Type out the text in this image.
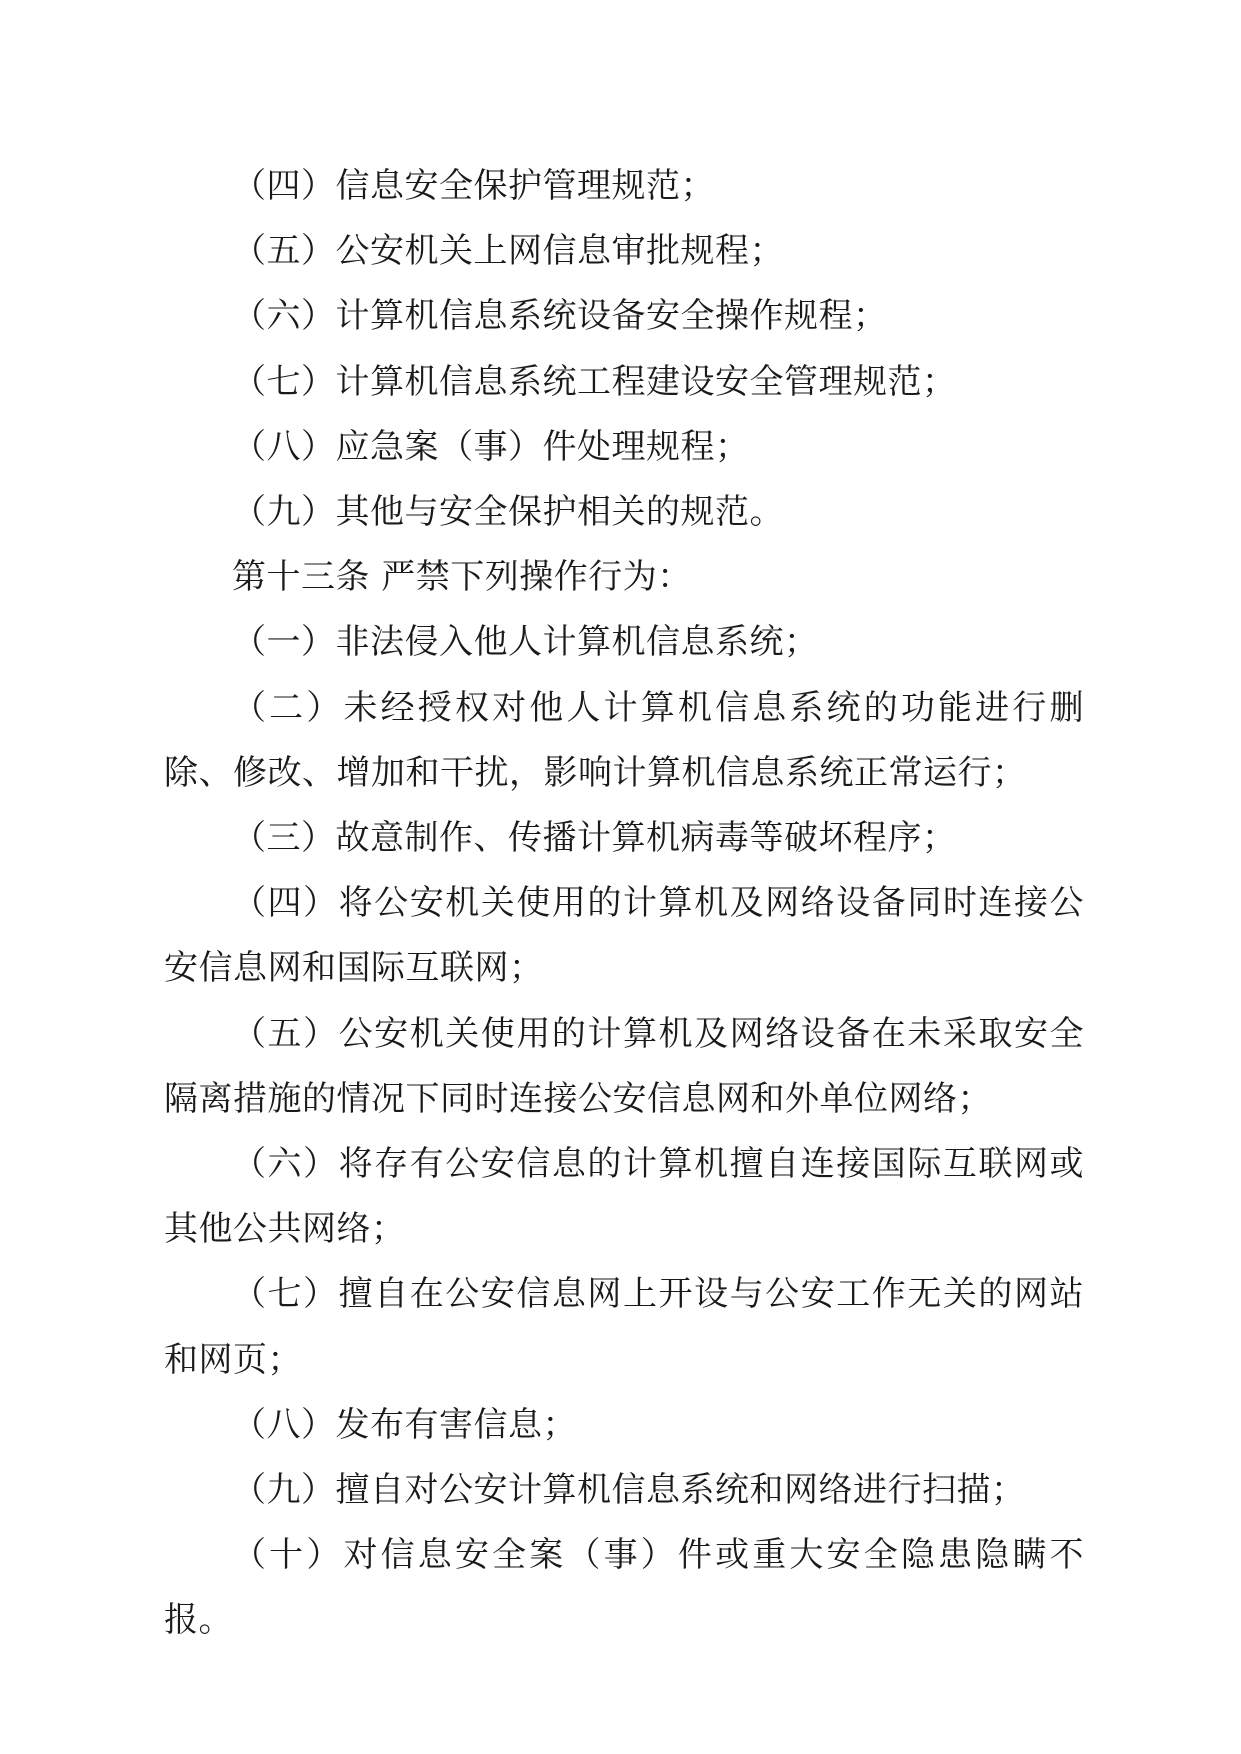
（四）信息安全保护管理规范；

（五）公安机关上网信息审批规程；

（六）计算机信息系统设备安全操作规程；

（七）计算机信息系统工程建设安全管理规范；

（八）应急案（事）件处理规程；

（九）其他与安全保护相关的规范。

第十三条 严禁下列操作行为：

（一）非法侵入他人计算机信息系统；

（二）未经授权对他人计算机信息系统的功能进行删除、修改、增加和干扰，影响计算机信息系统正常运行；

（三）故意制作、传播计算机病毒等破坏程序；

（四）将公安机关使用的计算机及网络设备同时连接公安信息网和国际互联网；

（五）公安机关使用的计算机及网络设备在未采取安全隔离措施的情况下同时连接公安信息网和外单位网络；

（六）将存有公安信息的计算机擅自连接国际互联网或其他公共网络；

（七）擅自在公安信息网上开设与公安工作无关的网站和网页；

（八）发布有害信息；

（九）擅自对公安计算机信息系统和网络进行扫描；

（十）对信息安全案（事）件或重大安全隐患隐瞒不报。
